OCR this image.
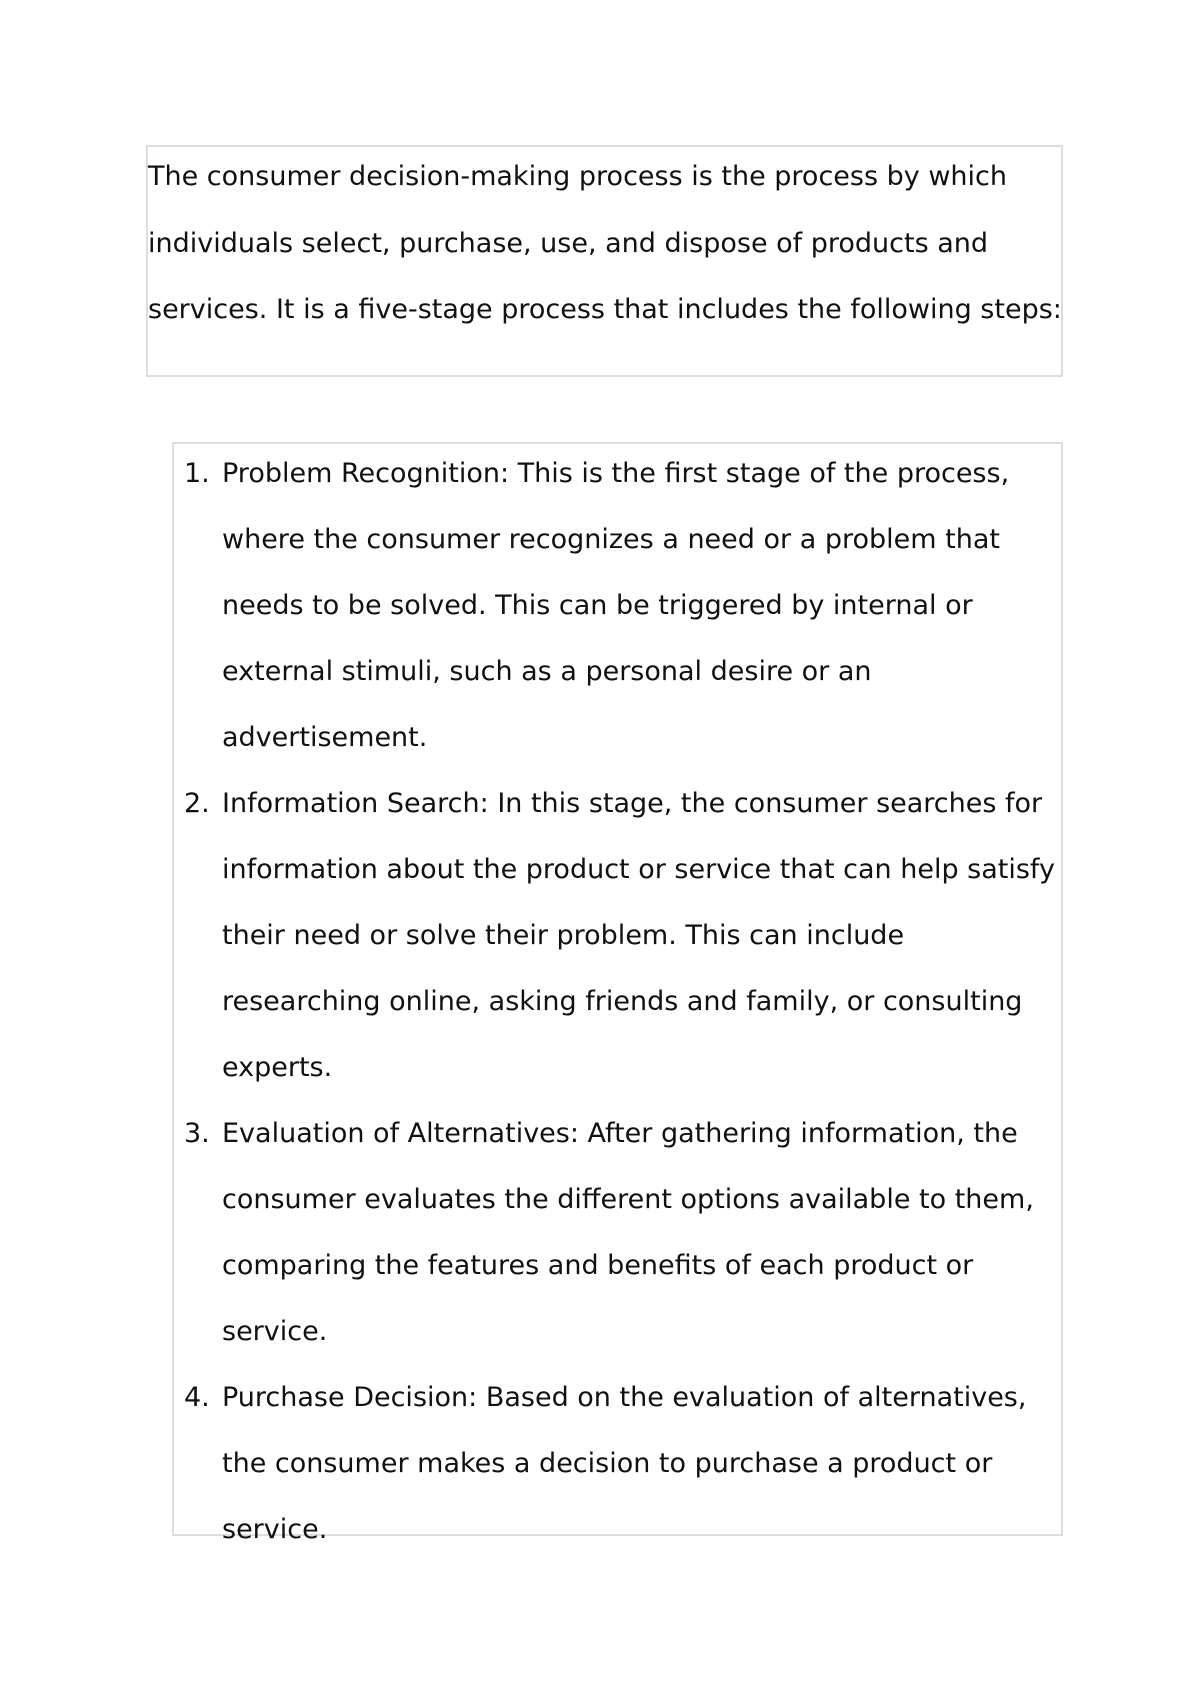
The consumer decision-making process is the process by which individuals select, purchase, use, and dispose of products and services. It is a five-stage process that includes the following steps:

1. Problem Recognition: This is the first stage of the process, where the consumer recognizes a need or a problem that needs to be solved. This can be triggered by internal or external stimuli, such as a personal desire or an advertisement.
2. Information Search: In this stage, the consumer searches for information about the product or service that can help satisfy their need or solve their problem. This can include researching online, asking friends and family, or consulting experts.
3. Evaluation of Alternatives: After gathering information, the consumer evaluates the different options available to them, comparing the features and benefits of each product or service.
4. Purchase Decision: Based on the evaluation of alternatives, the consumer makes a decision to purchase a product or service.
